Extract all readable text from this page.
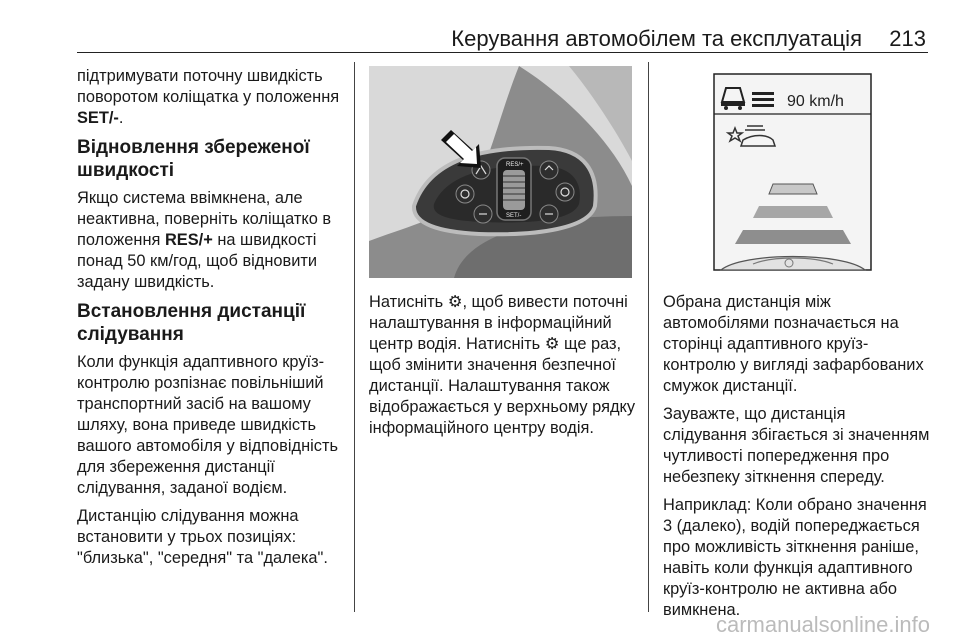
Керування автомобілем та експлуатація 213

підтримувати поточну швидкість поворотом коліщатка у положення SET/-.

Відновлення збереженої швидкості

Якщо система ввімкнена, але неактивна, поверніть коліщатко в положення RES/+ на швидкості понад 50 км/год, щоб відновити задану швидкість.

Встановлення дистанції слідування

Коли функція адаптивного круїз-контролю розпізнає повільніший транспортний засіб на вашому шляху, вона приведе швидкість вашого автомобіля у відповідність для збереження дистанції слідування, заданої водієм.

Дистанцію слідування можна встановити у трьох позиціях: "близька", "середня" та "далека".

RES/+
SET/-
90 km/h

Натисніть ⚙, щоб вивести поточні налаштування в інформаційний центр водія. Натисніть ⚙ ще раз, щоб змінити значення безпечної дистанції. Налаштування також відображається у верхньому рядку інформаційного центру водія.

Обрана дистанція між автомобілями позначається на сторінці адаптивного круїз-контролю у вигляді зафарбованих смужок дистанції.

Зауважте, що дистанція слідування збігається зі значенням чутливості попередження про небезпеку зіткнення спереду.

Наприклад: Коли обрано значення 3 (далеко), водій попереджається про можливість зіткнення раніше, навіть коли функція адаптивного круїз-контролю не активна або вимкнена.

carmanualsonline.info
